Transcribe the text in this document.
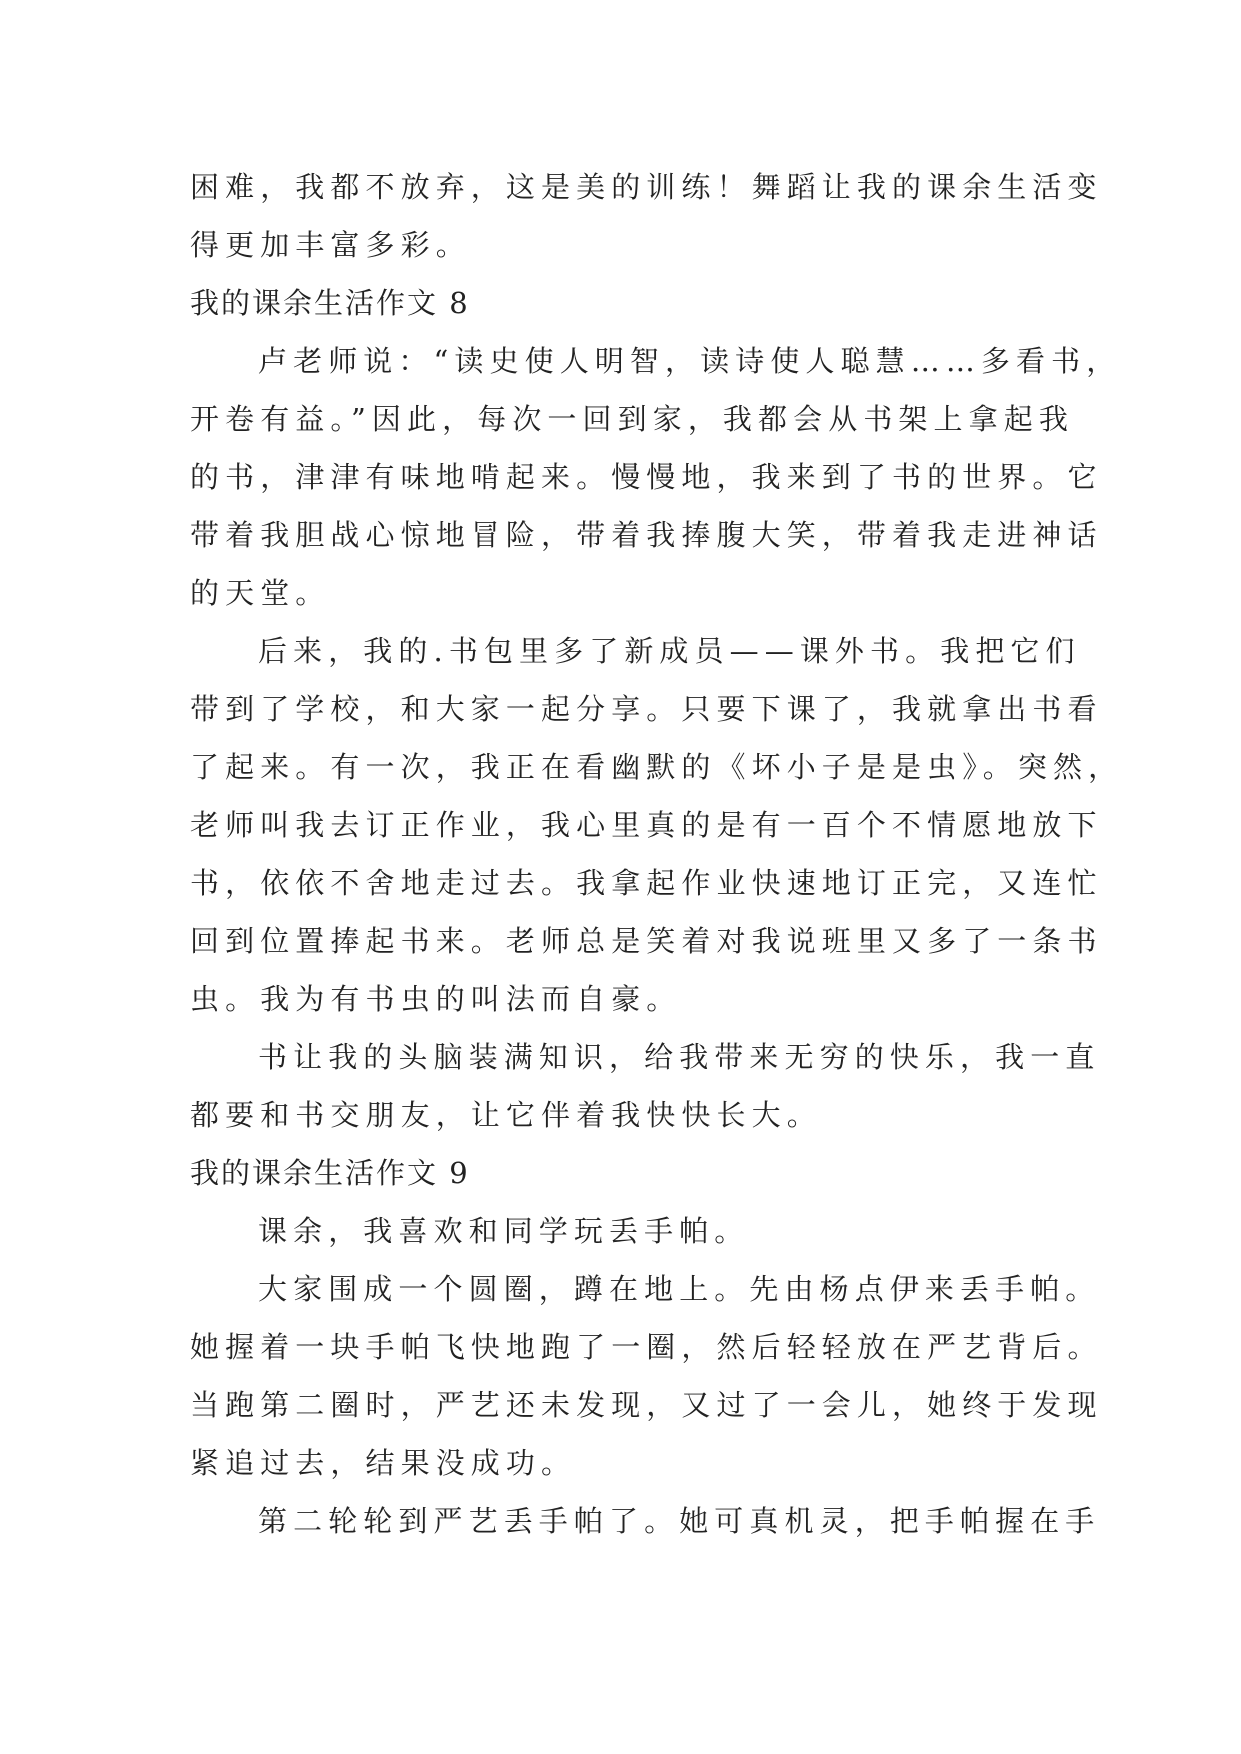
困难，我都不放弃，这是美的训练！舞蹈让我的课余生活变
得更加丰富多彩。
我的课余生活作文 8
卢老师说：“读史使人明智，读诗使人聪慧……多看书，
开卷有益。”因此，每次一回到家，我都会从书架上拿起我
的书，津津有味地啃起来。慢慢地，我来到了书的世界。它
带着我胆战心惊地冒险，带着我捧腹大笑，带着我走进神话
的天堂。
后来，我的.书包里多了新成员——课外书。我把它们
带到了学校，和大家一起分享。只要下课了，我就拿出书看
了起来。有一次，我正在看幽默的《坏小子是是虫》。突然，
老师叫我去订正作业，我心里真的是有一百个不情愿地放下
书，依依不舍地走过去。我拿起作业快速地订正完，又连忙
回到位置捧起书来。老师总是笑着对我说班里又多了一条书
虫。我为有书虫的叫法而自豪。
书让我的头脑装满知识，给我带来无穷的快乐，我一直
都要和书交朋友，让它伴着我快快长大。
我的课余生活作文 9
课余，我喜欢和同学玩丢手帕。
大家围成一个圆圈，蹲在地上。先由杨点伊来丢手帕。
她握着一块手帕飞快地跑了一圈，然后轻轻放在严艺背后。
当跑第二圈时，严艺还未发现，又过了一会儿，她终于发现
紧追过去，结果没成功。
第二轮轮到严艺丢手帕了。她可真机灵，把手帕握在手
